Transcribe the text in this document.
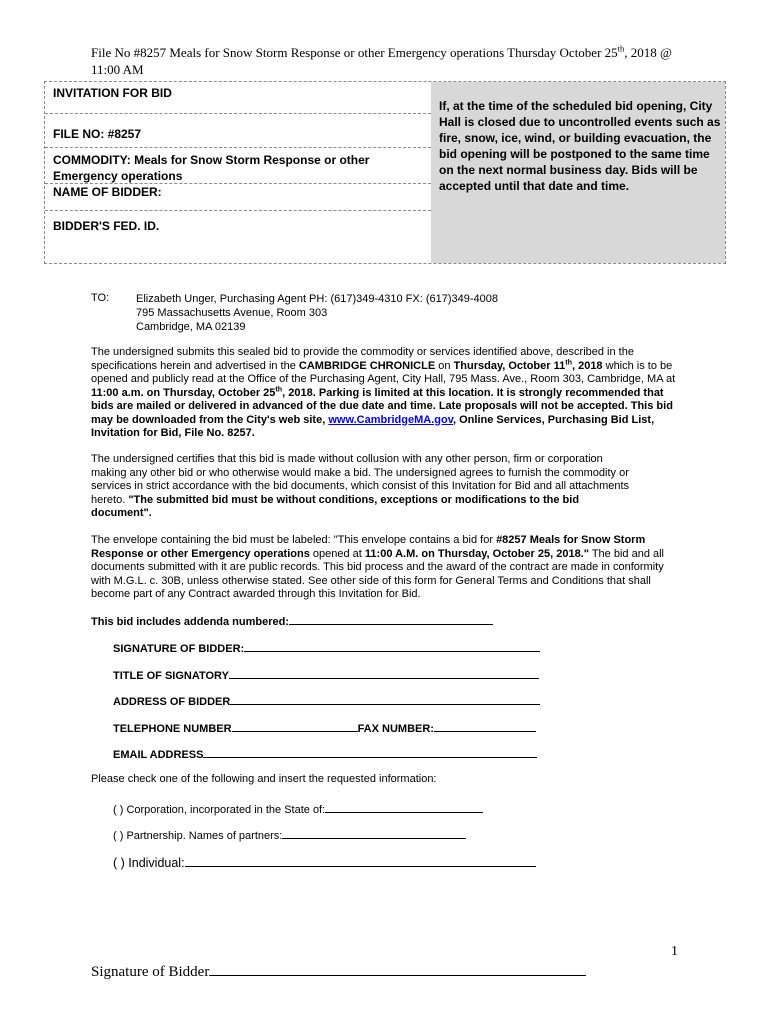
File No #8257 Meals for Snow Storm Response or other Emergency operations Thursday October 25th, 2018 @
11:00 AM
INVITATION FOR BID
FILE NO: #8257
COMMODITY: Meals for Snow Storm Response or other Emergency operations
NAME OF BIDDER:
BIDDER'S FED. ID.
If, at the time of the scheduled bid opening, City Hall is closed due to uncontrolled events such as fire, snow, ice, wind, or building evacuation, the bid opening will be postponed to the same time on the next normal business day. Bids will be accepted until that date and time.
TO: Elizabeth Unger, Purchasing Agent PH: (617)349-4310 FX: (617)349-4008
795 Massachusetts Avenue, Room 303
Cambridge, MA 02139
The undersigned submits this sealed bid to provide the commodity or services identified above, described in the specifications herein and advertised in the CAMBRIDGE CHRONICLE on Thursday, October 11th, 2018 which is to be opened and publicly read at the Office of the Purchasing Agent, City Hall, 795 Mass. Ave., Room 303, Cambridge, MA at 11:00 a.m. on Thursday, October 25th, 2018. Parking is limited at this location. It is strongly recommended that bids are mailed or delivered in advanced of the due date and time. Late proposals will not be accepted. This bid may be downloaded from the City's web site, www.CambridgeMA.gov, Online Services, Purchasing Bid List, Invitation for Bid, File No. 8257.
The undersigned certifies that this bid is made without collusion with any other person, firm or corporation making any other bid or who otherwise would make a bid. The undersigned agrees to furnish the commodity or services in strict accordance with the bid documents, which consist of this Invitation for Bid and all attachments hereto. "The submitted bid must be without conditions, exceptions or modifications to the bid document".
The envelope containing the bid must be labeled: "This envelope contains a bid for #8257 Meals for Snow Storm Response or other Emergency operations opened at 11:00 A.M. on Thursday, October 25, 2018." The bid and all documents submitted with it are public records. This bid process and the award of the contract are made in conformity with M.G.L. c. 30B, unless otherwise stated. See other side of this form for General Terms and Conditions that shall become part of any Contract awarded through this Invitation for Bid.
This bid includes addenda numbered:
SIGNATURE OF BIDDER:
TITLE OF SIGNATORY
ADDRESS OF BIDDER
TELEPHONE NUMBER	FAX NUMBER:
EMAIL ADDRESS
Please check one of the following and insert the requested information:
( ) Corporation, incorporated in the State of:
( ) Partnership. Names of partners:
( ) Individual:
1
Signature of Bidder
